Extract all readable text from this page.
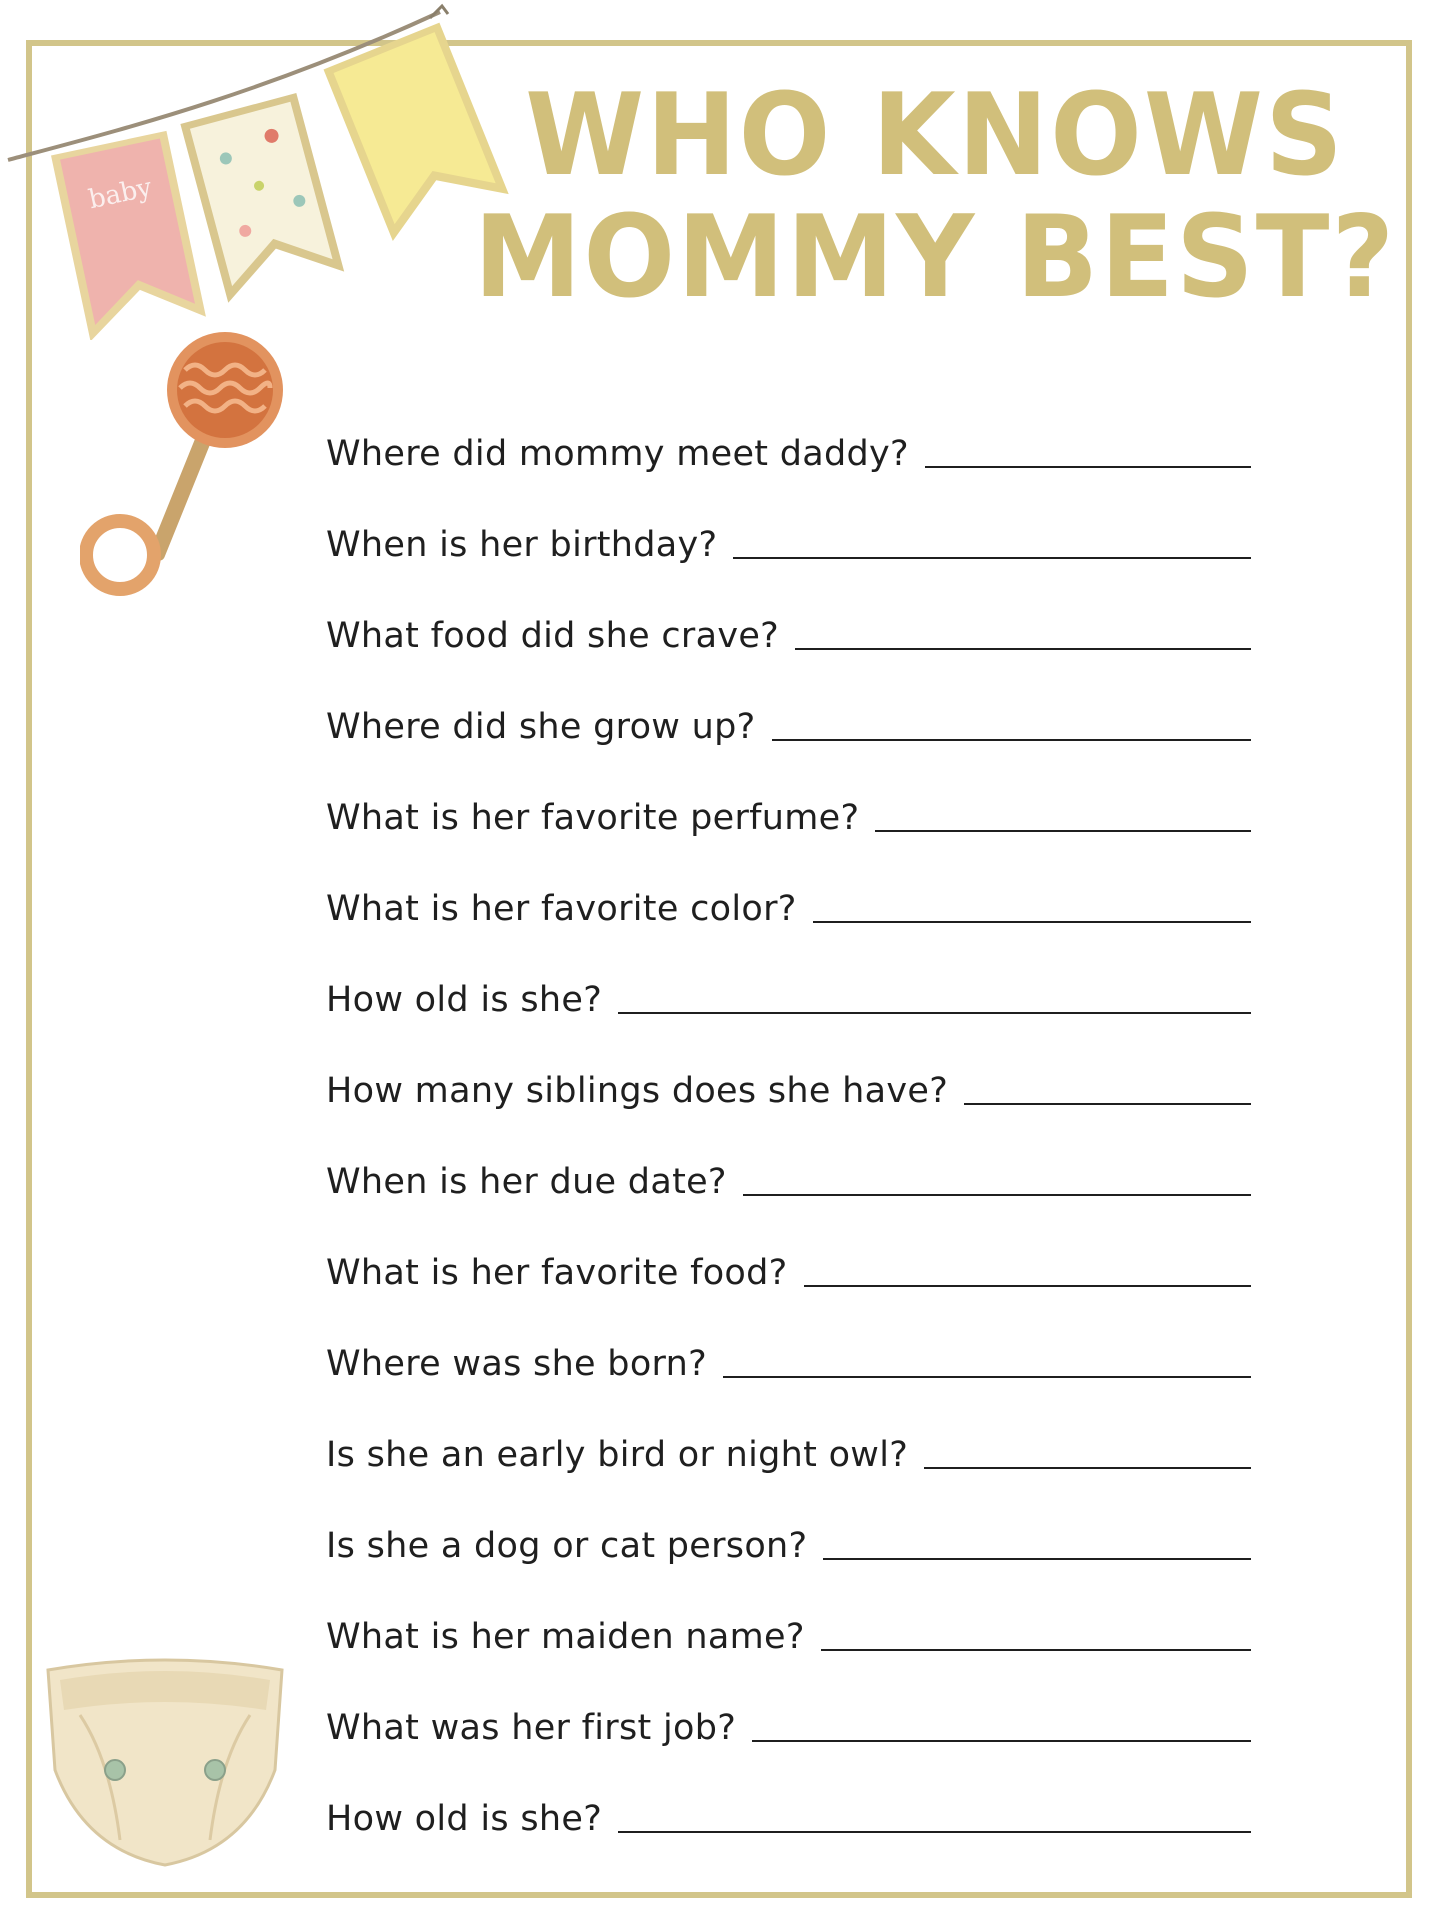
baby	WHO KNOWS
MOMMY BEST?
Where did mommy meet daddy?
When is her birthday?
What food did she crave?
Where did she grow up?
What is her favorite perfume?
What is her favorite color?
How old is she?
How many siblings does she have?
When is her due date?
What is her favorite food?
Where was she born?
Is she an early bird or night owl?
Is she a dog or cat person?
What is her maiden name?
What was her first job?
How old is she?
